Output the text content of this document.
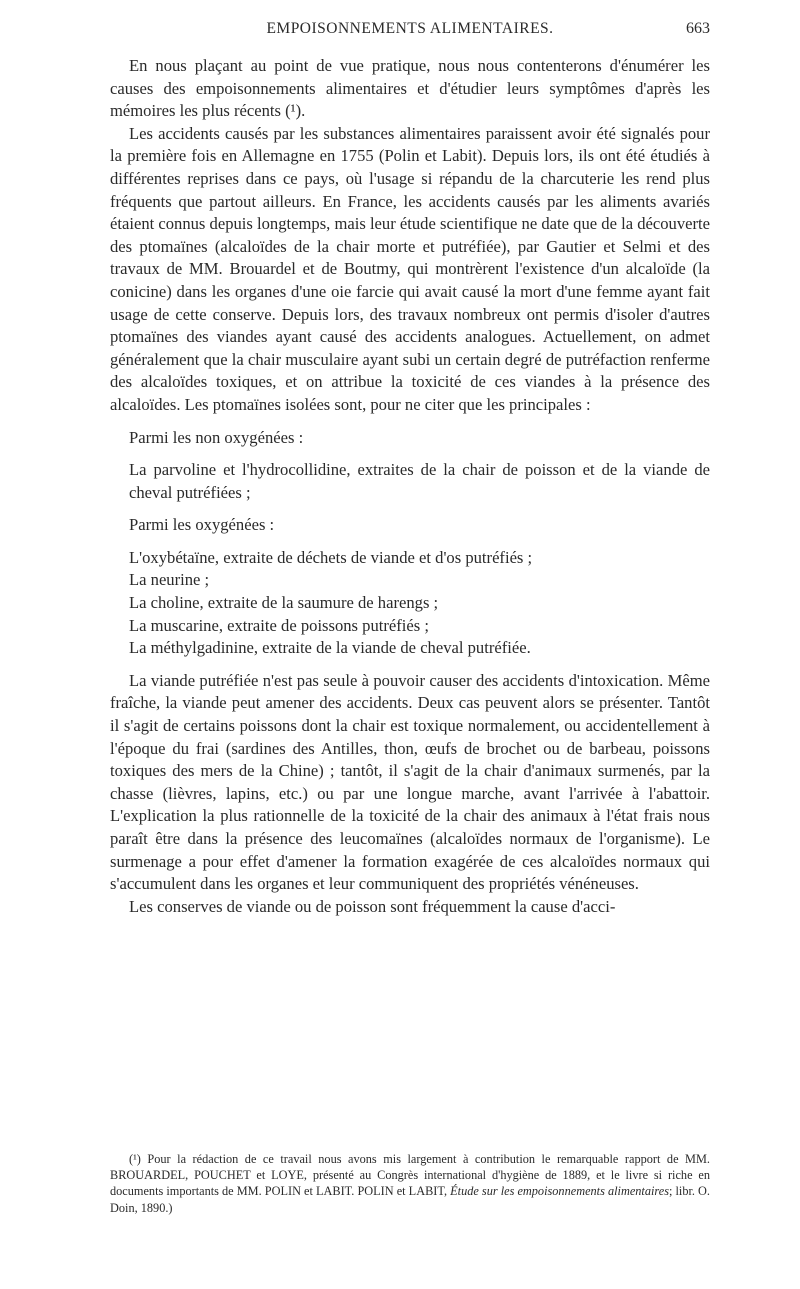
EMPOISONNEMENTS ALIMENTAIRES.	663

En nous plaçant au point de vue pratique, nous nous contenterons d'énumérer les causes des empoisonnements alimentaires et d'étudier leurs symptômes d'après les mémoires les plus récents (¹).

Les accidents causés par les substances alimentaires paraissent avoir été signalés pour la première fois en Allemagne en 1755 (Polin et Labit). Depuis lors, ils ont été étudiés à différentes reprises dans ce pays, où l'usage si répandu de la charcuterie les rend plus fréquents que partout ailleurs. En France, les accidents causés par les aliments avariés étaient connus depuis longtemps, mais leur étude scientifique ne date que de la découverte des ptomaïnes (alcaloïdes de la chair morte et putréfiée), par Gautier et Selmi et des travaux de MM. Brouardel et de Boutmy, qui montrèrent l'existence d'un alcaloïde (la conicine) dans les organes d'une oie farcie qui avait causé la mort d'une femme ayant fait usage de cette conserve. Depuis lors, des travaux nombreux ont permis d'isoler d'autres ptomaïnes des viandes ayant causé des accidents analogues. Actuellement, on admet généralement que la chair musculaire ayant subi un certain degré de putréfaction renferme des alcaloïdes toxiques, et on attribue la toxicité de ces viandes à la présence des alcaloïdes. Les ptomaïnes isolées sont, pour ne citer que les principales :

Parmi les non oxygénées :

La parvoline et l'hydrocollidine, extraites de la chair de poisson et de la viande de cheval putréfiées ;

Parmi les oxygénées :

L'oxybétaïne, extraite de déchets de viande et d'os putréfiés ;

La neurine ;

La choline, extraite de la saumure de harengs ;

La muscarine, extraite de poissons putréfiés ;

La méthylgadinine, extraite de la viande de cheval putréfiée.

La viande putréfiée n'est pas seule à pouvoir causer des accidents d'intoxication. Même fraîche, la viande peut amener des accidents. Deux cas peuvent alors se présenter. Tantôt il s'agit de certains poissons dont la chair est toxique normalement, ou accidentellement à l'époque du frai (sardines des Antilles, thon, œufs de brochet ou de barbeau, poissons toxiques des mers de la Chine) ; tantôt, il s'agit de la chair d'animaux surmenés, par la chasse (lièvres, lapins, etc.) ou par une longue marche, avant l'arrivée à l'abattoir. L'explication la plus rationnelle de la toxicité de la chair des animaux à l'état frais nous paraît être dans la présence des leucomaïnes (alcaloïdes normaux de l'organisme). Le surmenage a pour effet d'amener la formation exagérée de ces alcaloïdes normaux qui s'accumulent dans les organes et leur communiquent des propriétés vénéneuses.

Les conserves de viande ou de poisson sont fréquemment la cause d'acci-

(¹) Pour la rédaction de ce travail nous avons mis largement à contribution le remarquable rapport de MM. BROUARDEL, POUCHET et LOYE, présenté au Congrès international d'hygiène de 1889, et le livre si riche en documents importants de MM. POLIN et LABIT. POLIN et LABIT, Étude sur les empoisonnements alimentaires; libr. O. Doin, 1890.)
